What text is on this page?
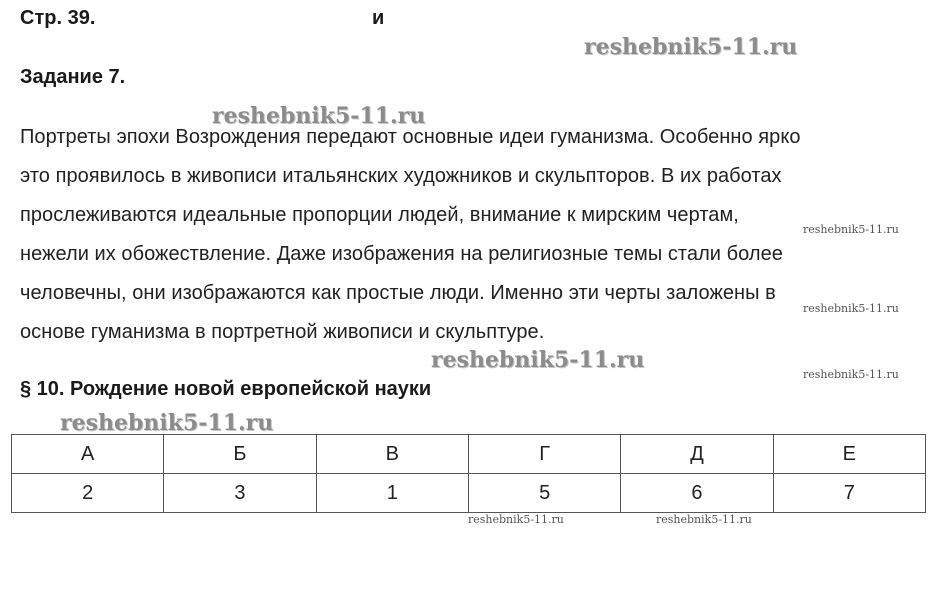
Стр. 39.	и
Задание 7.

Портреты эпохи Возрождения передают основные идеи гуманизма. Особенно ярко
это проявилось в живописи итальянских художников и скульпторов. В их работах
прослеживаются идеальные пропорции людей, внимание к мирским чертам,
нежели их обожествление. Даже изображения на религиозные темы стали более
человечны, они изображаются как простые люди. Именно эти черты заложены в
основе гуманизма в портретной живописи и скульптуре.

§ 10. Рождение новой европейской науки
А	Б	В	Г	Д	Е
2	3	1	5	6	7
reshebnik5-11.ru
reshebnik5-11.ru
reshebnik5-11.ru
reshebnik5-11.ru
reshebnik5-11.ru
reshebnik5-11.ru
reshebnik5-11.ru
reshebnik5-11.ru	reshebnik5-11.ru
